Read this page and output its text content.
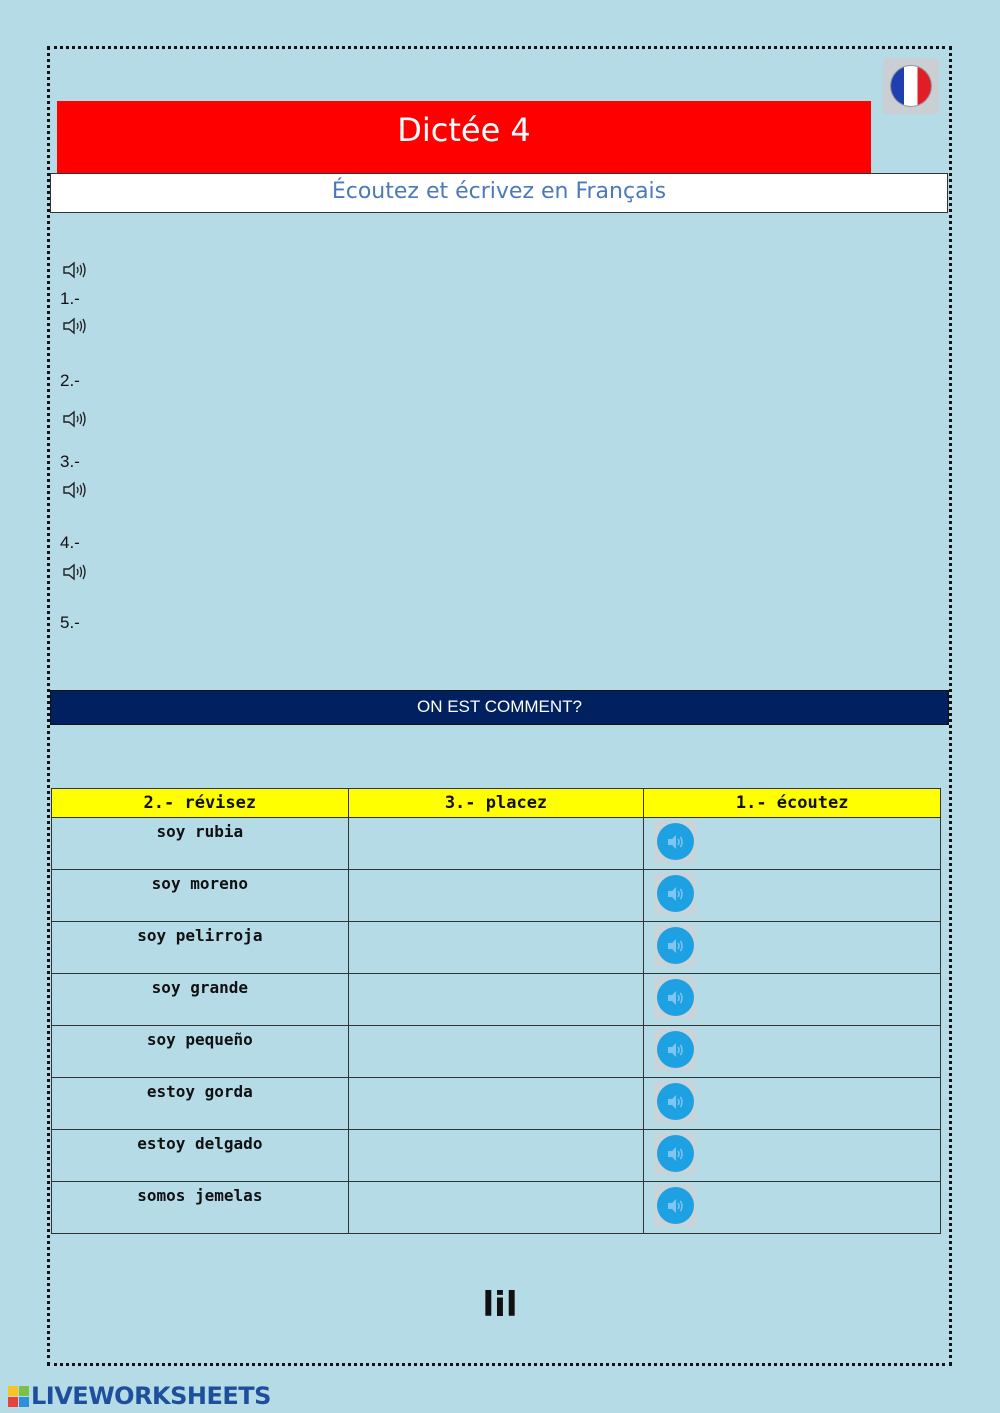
Dictée 4
Écoutez et écrivez en Français
1.-
2.-
3.-
4.-
5.-
ON EST COMMENT?
2.- révisez	3.- placez	1.- écoutez

soy rubia

soy moreno

soy pelirroja

soy grande

soy pequeño

estoy gorda

estoy delgado

somos jemelas

lil
LIVEWORKSHEETS
